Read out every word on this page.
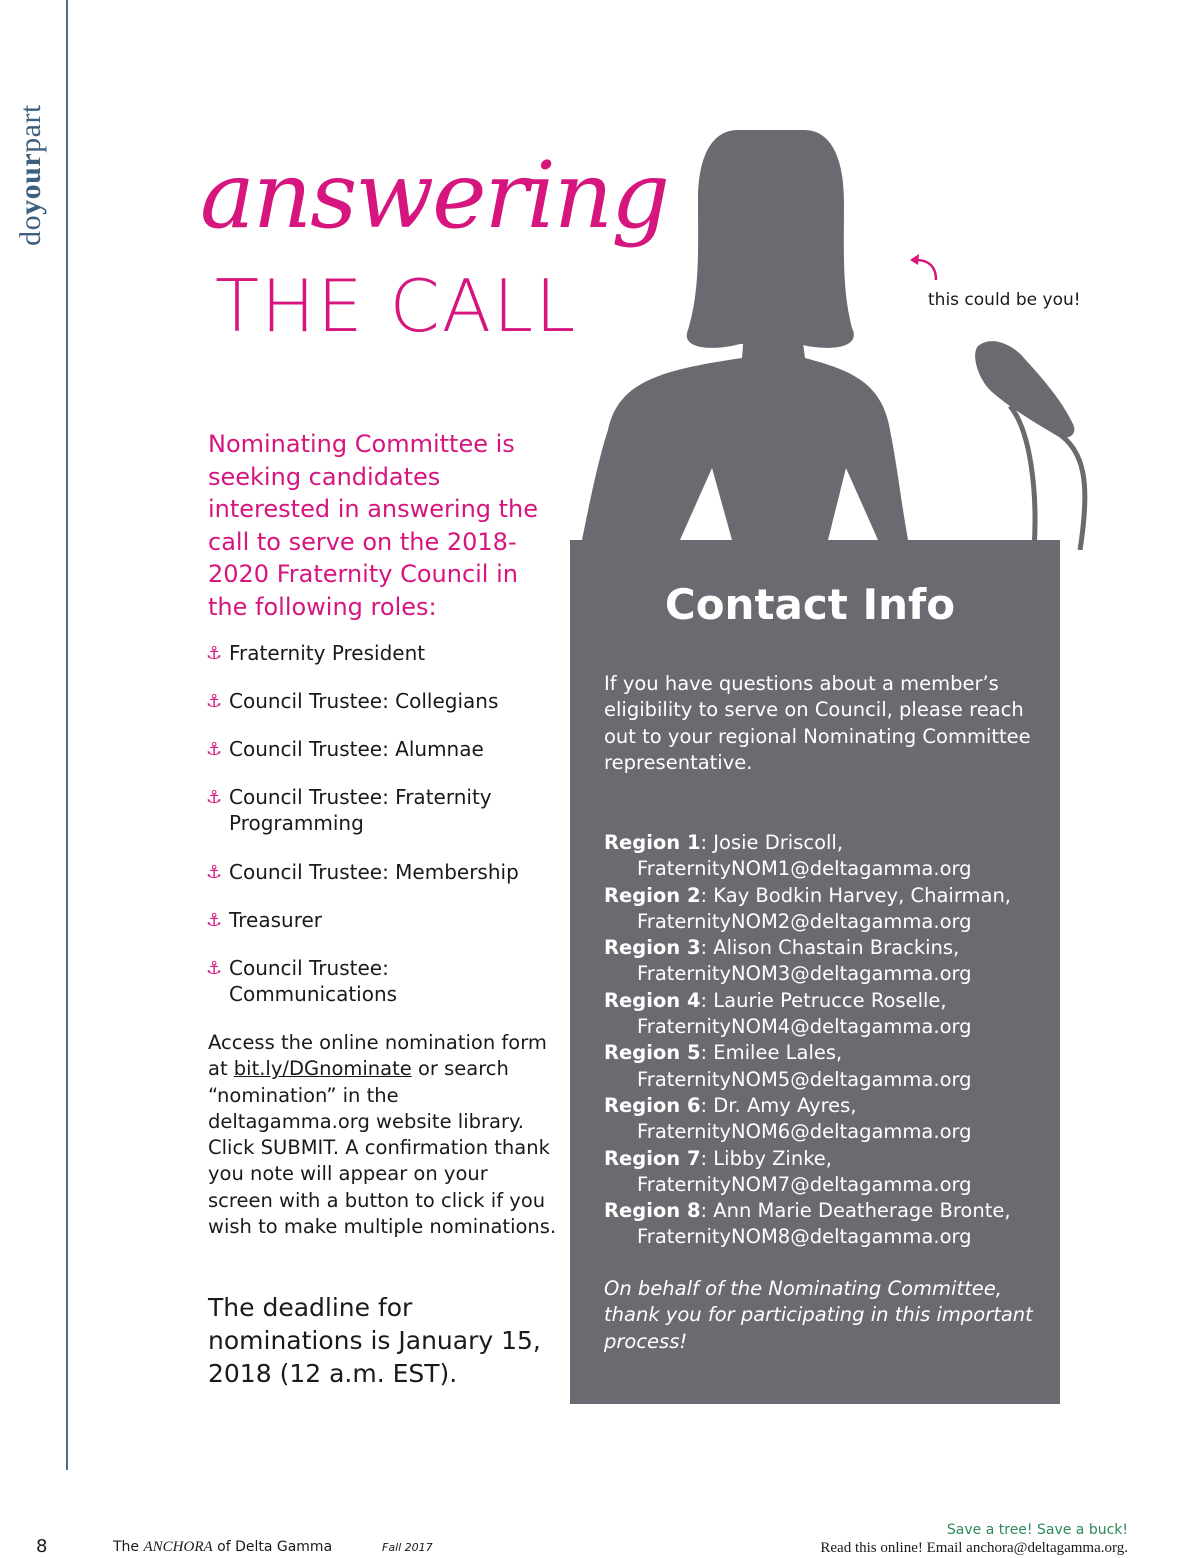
doyourpart
answering
THE CALL	this could be you!
Nominating Committee is seeking candidates interested in answering the call to serve on the 2018-2020 Fraternity Council in the following roles:
⚓ Fraternity President
⚓ Council Trustee: Collegians
⚓ Council Trustee: Alumnae
⚓ Council Trustee: Fraternity
Programming
⚓ Council Trustee: Membership
⚓ Treasurer
⚓ Council Trustee:
Communications
Access the online nomination form at bit.ly/DGnominate or search “nomination” in the deltagamma.org website library. Click SUBMIT. A confirmation thank you note will appear on your screen with a button to click if you wish to make multiple nominations.
The deadline for nominations is January 15, 2018 (12 a.m. EST).
Contact Info
If you have questions about a member’s eligibility to serve on Council, please reach out to your regional Nominating Committee representative.
Region 1: Josie Driscoll,
FraternityNOM1@deltagamma.org
Region 2: Kay Bodkin Harvey, Chairman,
FraternityNOM2@deltagamma.org
Region 3: Alison Chastain Brackins,
FraternityNOM3@deltagamma.org
Region 4: Laurie Petrucce Roselle,
FraternityNOM4@deltagamma.org
Region 5: Emilee Lales,
FraternityNOM5@deltagamma.org
Region 6: Dr. Amy Ayres,
FraternityNOM6@deltagamma.org
Region 7: Libby Zinke,
FraternityNOM7@deltagamma.org
Region 8: Ann Marie Deatherage Bronte,
FraternityNOM8@deltagamma.org
On behalf of the Nominating Committee, thank you for participating in this important process!
8	The ANCHORA of Delta Gamma	Fall 2017
Save a tree! Save a buck!
Read this online! Email anchora@deltagamma.org.
